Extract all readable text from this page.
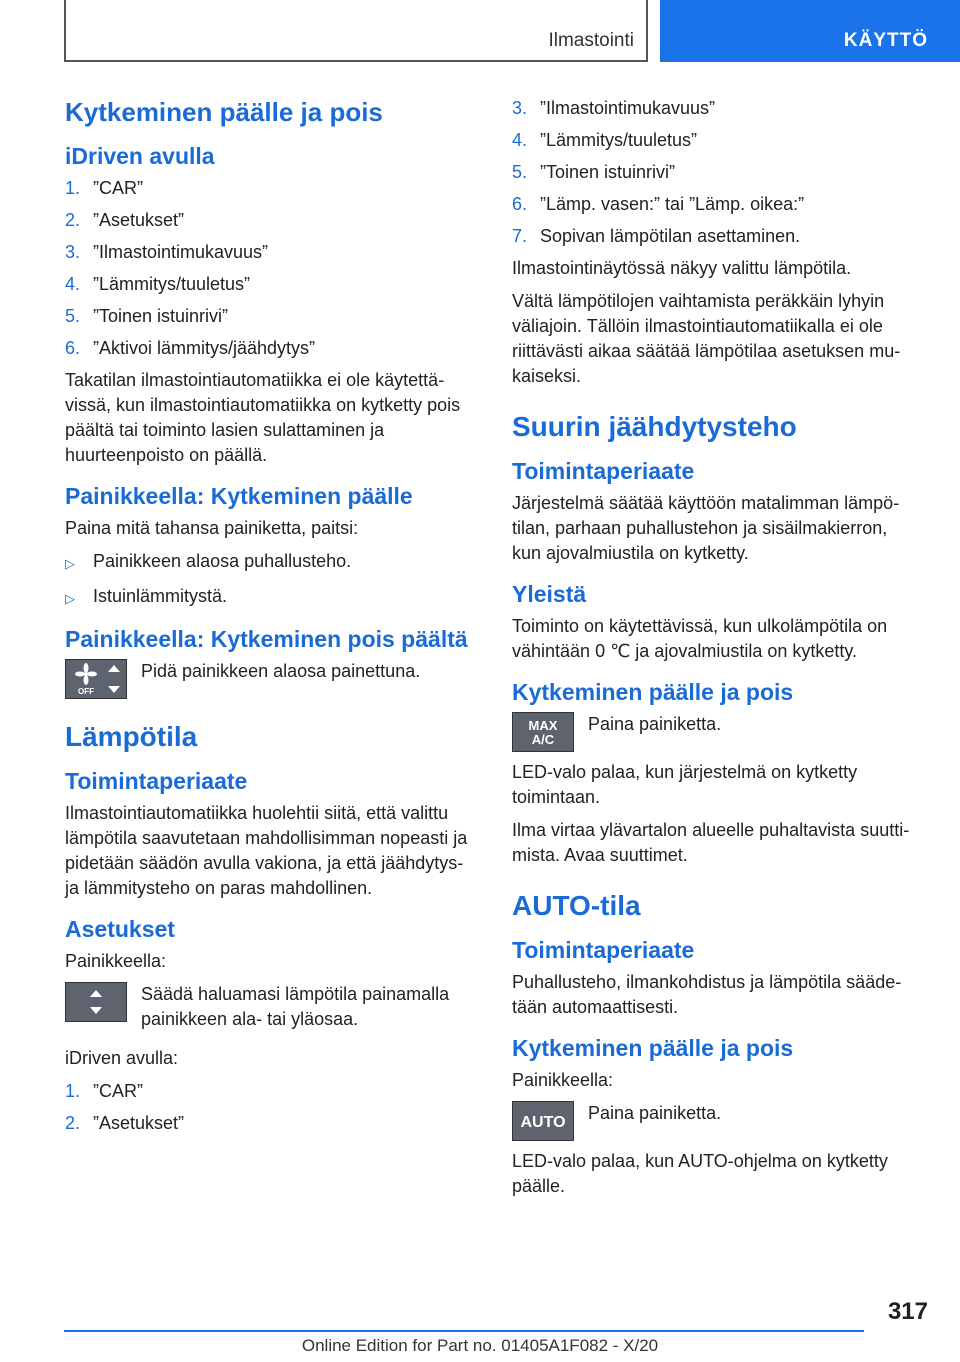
Ilmastointi	KÄYTTÖ
Kytkeminen päälle ja pois
iDriven avulla
1. ”CAR”
2. ”Asetukset”
3. ”Ilmastointimukavuus”
4. ”Lämmitys/tuuletus”
5. ”Toinen istuinrivi”
6. ”Aktivoi lämmitys/jäähdytys”

Takatilan ilmastointiautomatiikka ei ole käytettävissä, kun ilmastointiautomatiikka on kytketty pois päältä tai toiminto lasien sulattaminen ja huurteenpoisto on päällä.

Painikkeella: Kytkeminen päälle

Paina mitä tahansa painiketta, paitsi:

▷	Painikkeen alaosa puhallusteho.
▷	Istuinlämmitystä.
Painikkeella: Kytkeminen pois päältä
OFF

Pidä painikkeen alaosa painettuna.

Lämpötila
Toimintaperiaate

Ilmastointiautomatiikka huolehtii siitä, että valittu lämpötila saavutetaan mahdollisimman nopeasti ja pidetään säädön avulla vakiona, ja että jäähdytys- ja lämmitysteho on paras mahdollinen.

Asetukset

Painikkeella:

Säädä haluamasi lämpötila painamalla painikkeen ala- tai yläosaa.

iDriven avulla:

1. ”CAR”
2. ”Asetukset”
3. ”Ilmastointimukavuus”
4. ”Lämmitys/tuuletus”
5. ”Toinen istuinrivi”
6. ”Lämp. vasen:” tai ”Lämp. oikea:”
7. Sopivan lämpötilan asettaminen.

Ilmastointinäytössä näkyy valittu lämpötila.

Vältä lämpötilojen vaihtamista peräkkäin lyhyin väliajoin. Tällöin ilmastointiautomatiikalla ei ole riittävästi aikaa säätää lämpötilaa asetuksen mukaiseksi.

Suurin jäähdytysteho
Toimintaperiaate

Järjestelmä säätää käyttöön matalimman lämpötilan, parhaan puhallustehon ja sisäilmakierron, kun ajovalmiustila on kytketty.

Yleistä

Toiminto on käytettävissä, kun ulkolämpötila on vähintään 0 ℃ ja ajovalmiustila on kytketty.

Kytkeminen päälle ja pois
MAX
A/C

Paina painiketta.

LED-valo palaa, kun järjestelmä on kytketty toimintaan.

Ilma virtaa ylävartalon alueelle puhaltavista suuttimista. Avaa suuttimet.

AUTO-tila
Toimintaperiaate

Puhallusteho, ilmankohdistus ja lämpötila säädetään automaattisesti.

Kytkeminen päälle ja pois

Painikkeella:

AUTO Paina painiketta.

LED-valo palaa, kun AUTO-ohjelma on kytketty päälle.

317
Online Edition for Part no. 01405A1F082 - X/20
